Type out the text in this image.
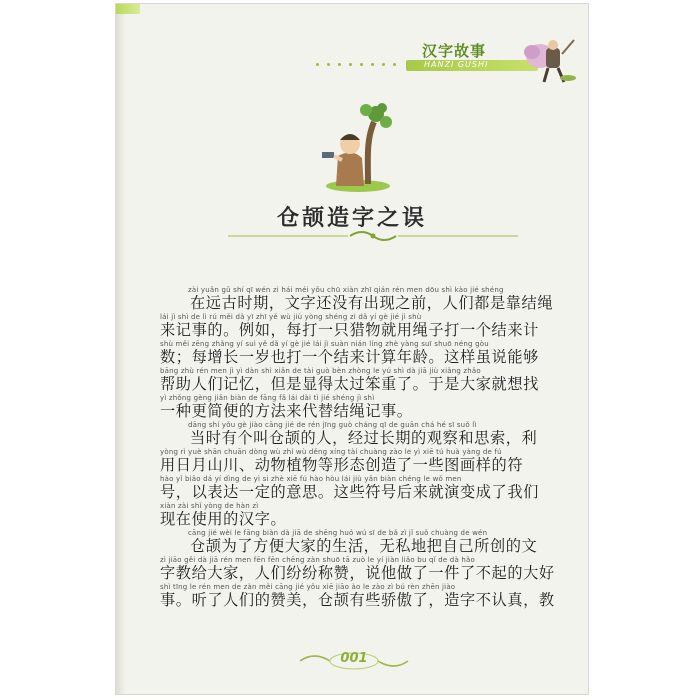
汉字故事
HANZI GUSHI
仓颉造字之误
zài yuǎn gǔ shí qī wén zì hái méi yǒu chū xiàn zhī qián rén men dōu shì kào jié shéng
在远古时期，文字还没有出现之前，人们都是靠结绳
lái jì shì de lì rú měi dǎ yī zhī yě wù jiù yòng shéng zi dǎ yí gè jié jì shù
来记事的。例如，每打一只猎物就用绳子打一个结来计
shù měi zēng zhǎng yí suì yě dǎ yí gè jié lái jì suàn nián líng zhè yàng suī shuō néng gòu
数；每增长一岁也打一个结来计算年龄。这样虽说能够
bāng zhù rén men jì yì dàn shì xiǎn de tài guò bèn zhòng le yú shì dà jiā jiù xiǎng zhǎo
帮助人们记忆，但是显得太过笨重了。于是大家就想找
yì zhǒng gèng jiǎn biàn de fāng fǎ lái dài tì jié shéng jì shì
一种更简便的方法来代替结绳记事。
dāng shí yǒu gè jiào cāng jié de rén jīng guò cháng qī de guān chá hé sī suǒ lì
当时有个叫仓颉的人，经过长期的观察和思索，利
yòng rì yuè shān chuān dòng wù zhí wù děng xíng tài chuàng zào le yì xiē tú huà yàng de fú
用日月山川、动物植物等形态创造了一些图画样的符
hào yǐ biǎo dá yí dìng de yì si zhè xiē fú hào hòu lái jiù yǎn biàn chéng le wǒ men
号，以表达一定的意思。这些符号后来就演变成了我们
xiàn zài shǐ yòng de hàn zì
现在使用的汉字。
cāng jié wèi le fāng biàn dà jiā de shēng huó wú sī de bǎ zì jǐ suǒ chuàng de wén
仓颉为了方便大家的生活，无私地把自己所创的文
zì jiāo gěi dà jiā rén men fēn fēn chēng zàn shuō tā zuò le yí jiàn liǎo bu qǐ de dà hǎo
字教给大家，人们纷纷称赞，说他做了一件了不起的大好
shì tīng le rén men de zàn měi cāng jié yǒu xiē jiāo ào le zào zì bú rèn zhēn jiào
事。听了人们的赞美，仓颉有些骄傲了，造字不认真，教
001
